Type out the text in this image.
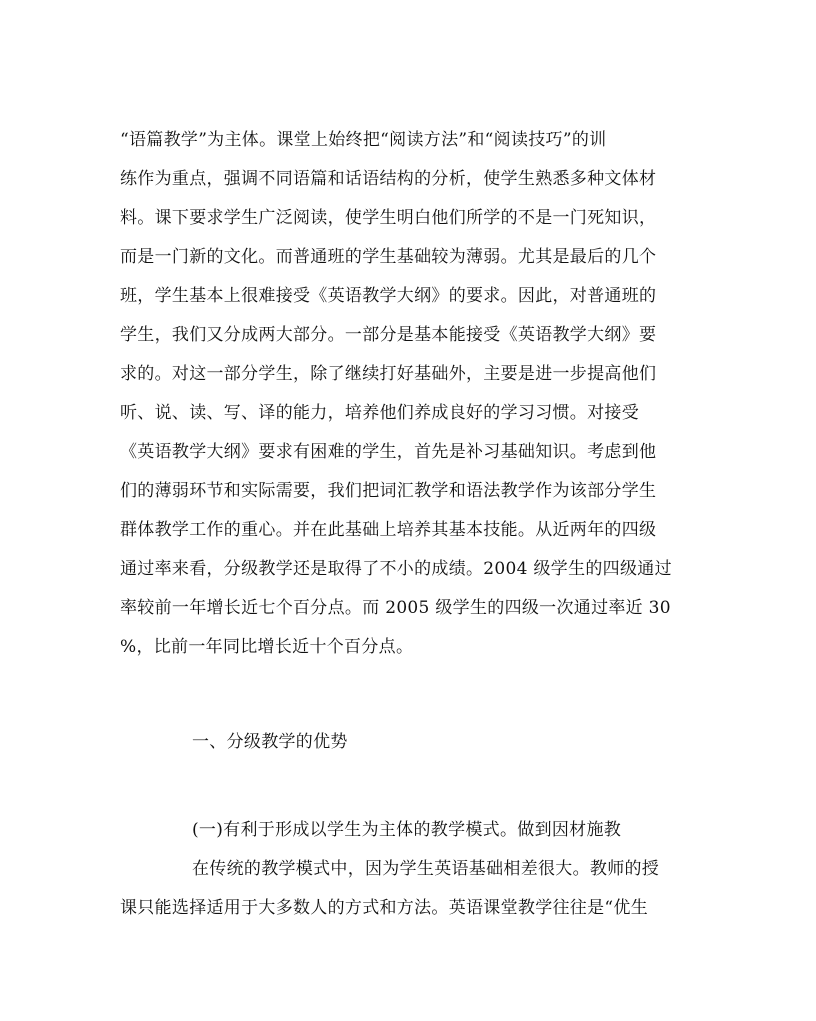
“语篇教学”为主体。课堂上始终把“阅读方法”和“阅读技巧”的训
练作为重点，强调不同语篇和话语结构的分析，使学生熟悉多种文体材
料。课下要求学生广泛阅读，使学生明白他们所学的不是一门死知识，
而是一门新的文化。而普通班的学生基础较为薄弱。尤其是最后的几个
班，学生基本上很难接受《英语教学大纲》的要求。因此，对普通班的
学生，我们又分成两大部分。一部分是基本能接受《英语教学大纲》要
求的。对这一部分学生，除了继续打好基础外，主要是进一步提高他们
听、说、读、写、译的能力，培养他们养成良好的学习习惯。对接受
《英语教学大纲》要求有困难的学生，首先是补习基础知识。考虑到他
们的薄弱环节和实际需要，我们把词汇教学和语法教学作为该部分学生
群体教学工作的重心。并在此基础上培养其基本技能。从近两年的四级
通过率来看，分级教学还是取得了不小的成绩。2004 级学生的四级通过
率较前一年增长近七个百分点。而 2005 级学生的四级一次通过率近 30
%，比前一年同比增长近十个百分点。
一、分级教学的优势
(一)有利于形成以学生为主体的教学模式。做到因材施教
在传统的教学模式中，因为学生英语基础相差很大。教师的授
课只能选择适用于大多数人的方式和方法。英语课堂教学往往是“优生
